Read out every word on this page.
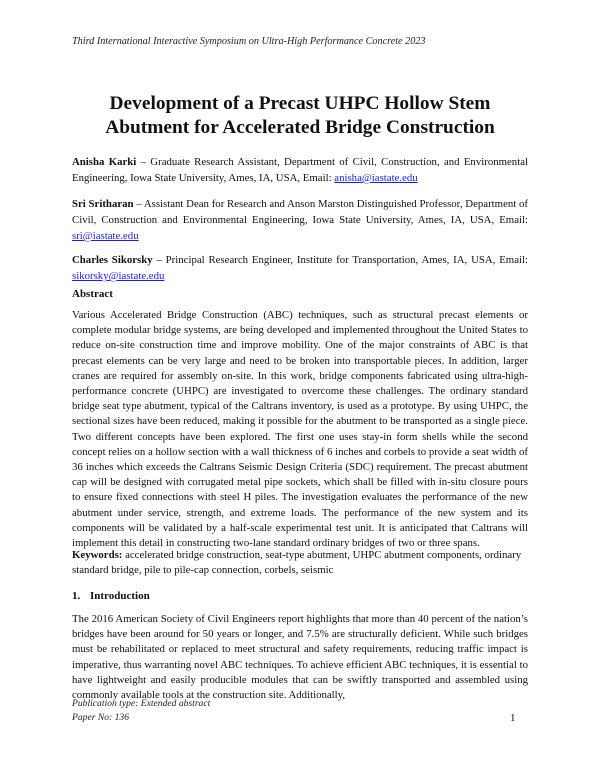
Third International Interactive Symposium on Ultra-High Performance Concrete 2023
Development of a Precast UHPC Hollow Stem
Abutment for Accelerated Bridge Construction
Anisha Karki – Graduate Research Assistant, Department of Civil, Construction, and Environmental Engineering, Iowa State University, Ames, IA, USA, Email: anisha@iastate.edu
Sri Sritharan – Assistant Dean for Research and Anson Marston Distinguished Professor, Department of Civil, Construction and Environmental Engineering, Iowa State University, Ames, IA, USA, Email: sri@iastate.edu
Charles Sikorsky – Principal Research Engineer, Institute for Transportation, Ames, IA, USA, Email: sikorsky@iastate.edu
Abstract
Various Accelerated Bridge Construction (ABC) techniques, such as structural precast elements or complete modular bridge systems, are being developed and implemented throughout the United States to reduce on-site construction time and improve mobility. One of the major constraints of ABC is that precast elements can be very large and need to be broken into transportable pieces. In addition, larger cranes are required for assembly on-site. In this work, bridge components fabricated using ultra-high-performance concrete (UHPC) are investigated to overcome these challenges. The ordinary standard bridge seat type abutment, typical of the Caltrans inventory, is used as a prototype. By using UHPC, the sectional sizes have been reduced, making it possible for the abutment to be transported as a single piece. Two different concepts have been explored. The first one uses stay-in form shells while the second concept relies on a hollow section with a wall thickness of 6 inches and corbels to provide a seat width of 36 inches which exceeds the Caltrans Seismic Design Criteria (SDC) requirement. The precast abutment cap will be designed with corrugated metal pipe sockets, which shall be filled with in-situ closure pours to ensure fixed connections with steel H piles. The investigation evaluates the performance of the new abutment under service, strength, and extreme loads. The performance of the new system and its components will be validated by a half-scale experimental test unit. It is anticipated that Caltrans will implement this detail in constructing two-lane standard ordinary bridges of two or three spans.
Keywords: accelerated bridge construction, seat-type abutment, UHPC abutment components, ordinary standard bridge, pile to pile-cap connection, corbels, seismic
1. Introduction
The 2016 American Society of Civil Engineers report highlights that more than 40 percent of the nation’s bridges have been around for 50 years or longer, and 7.5% are structurally deficient. While such bridges must be rehabilitated or replaced to meet structural and safety requirements, reducing traffic impact is imperative, thus warranting novel ABC techniques. To achieve efficient ABC techniques, it is essential to have lightweight and easily producible modules that can be swiftly transported and assembled using commonly available tools at the construction site. Additionally,
Publication type: Extended abstract
Paper No: 136	1
